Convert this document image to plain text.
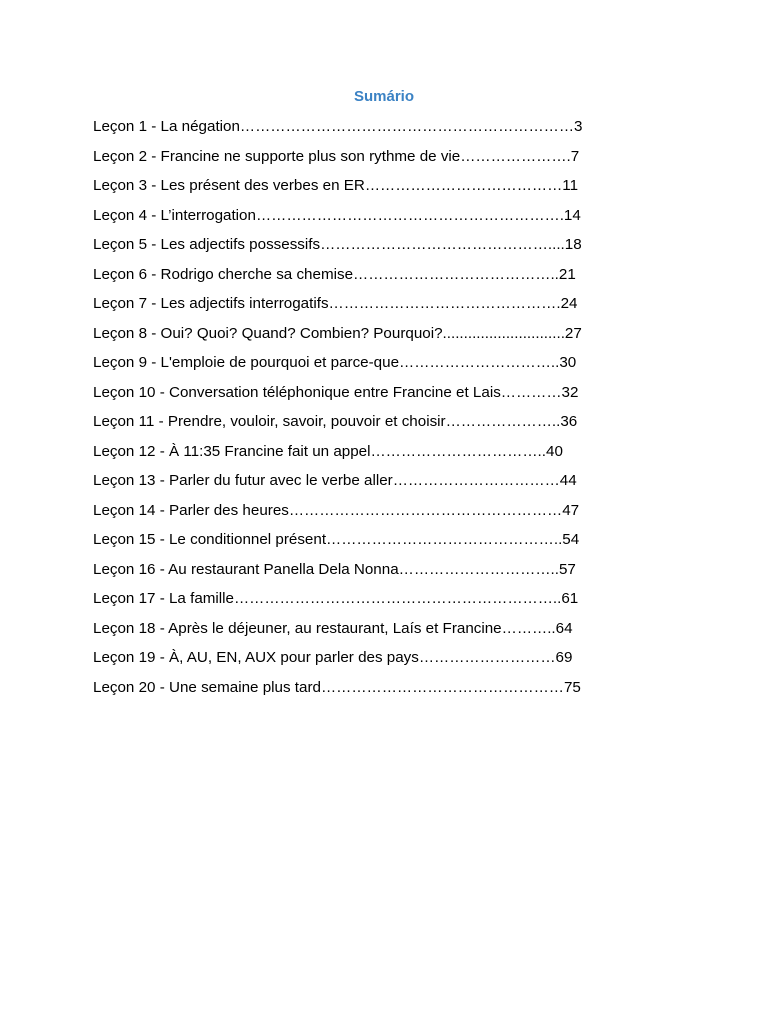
Sumário
Leçon 1 - La négation…………………………………………………………3
Leçon 2 - Francine ne supporte plus son rythme de vie………………….7
Leçon 3 - Les présent des verbes en ER…………………………………11
Leçon 4 - L’interrogation…………………………………………………….14
Leçon 5 - Les adjectifs possessifs………………………………………....18
Leçon 6 - Rodrigo cherche sa chemise…………………………………..21
Leçon 7 - Les adjectifs interrogatifs……………………………………….24
Leçon 8 - Oui? Quoi? Quand? Combien? Pourquoi?.............................27
Leçon 9 - L'emploie de pourquoi et parce-que…………………………..30
Leçon 10 - Conversation téléphonique entre Francine et Lais…………32
Leçon 11 - Prendre, vouloir, savoir, pouvoir et choisir…………………..36
Leçon 12 - À 11:35 Francine fait un appel……………………………..40
Leçon 13 - Parler du futur avec le verbe aller……………………………44
Leçon 14 - Parler des heures………………………………………………47
Leçon 15 - Le conditionnel présent………………………………………..54
Leçon 16 - Au restaurant Panella Dela Nonna…………………………..57
Leçon 17 - La famille………………………………………………………..61
Leçon 18 - Après le déjeuner, au restaurant, Laís et Francine………..64
Leçon 19 - À, AU, EN, AUX pour parler des pays………………………69
Leçon 20 - Une semaine plus tard…………………………………………75
